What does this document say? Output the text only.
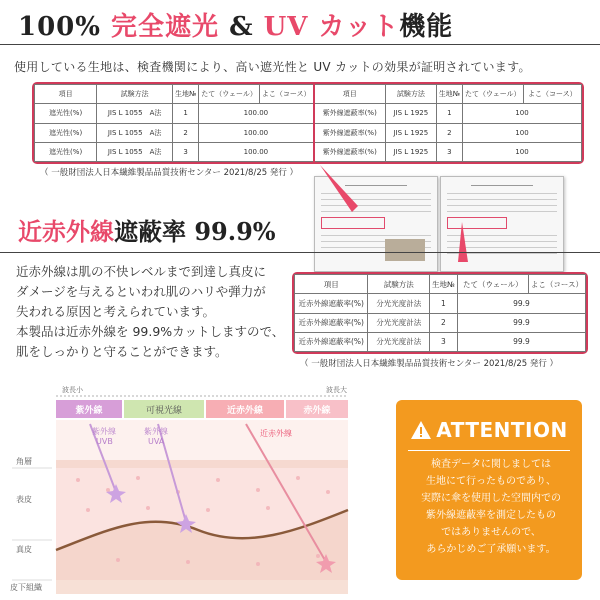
100% 完全遮光 & UV カット機能
使用している生地は、検査機関により、高い遮光性と UV カットの効果が証明されています。
項目	試験方法	生地№	たて（ウェール）	よこ（コース）	項目	試験方法	生地№	たて（ウェール）	よこ（コース）
遮光性(%)	JIS L 1055　A法	1	100.00		紫外線遮蔽率(%)	JIS L 1925	1	100	
遮光性(%)	JIS L 1055　A法	2	100.00		紫外線遮蔽率(%)	JIS L 1925	2	100	
遮光性(%)	JIS L 1055　A法	3	100.00		紫外線遮蔽率(%)	JIS L 1925	3	100	
（ 一般財団法人日本繊維製品品質技術センター 2021/8/25 発行 ）
近赤外線遮蔽率 99.9%
近赤外線は肌の不快レベルまで到達し真皮に
ダメージを与えるといわれ肌のハリや弾力が
失われる原因と考えられています。
本製品は近赤外線を 99.9%カットしますので、
肌をしっかりと守ることができます。
項目	試験方法	生地№	たて（ウェール）	よこ（コース）
近赤外線遮蔽率(%)	分光光度計法	1	99.9	
近赤外線遮蔽率(%)	分光光度計法	2	99.9	
近赤外線遮蔽率(%)	分光光度計法	3	99.9	
（ 一般財団法人日本繊維製品品質技術センター 2021/8/25 発行 ）
波長小	波長大
紫外線	可視光線	近赤外線	赤外線
紫外線
UVB
紫外線
UVA
近赤外線
角層
表皮
真皮
皮下組織
ATTENTION
検査データに関しましては
生地にて行ったものであり、
実際に傘を使用した空間内での
紫外線遮蔽率を測定したもの
ではありませんので、
あらかじめご了承願います。
